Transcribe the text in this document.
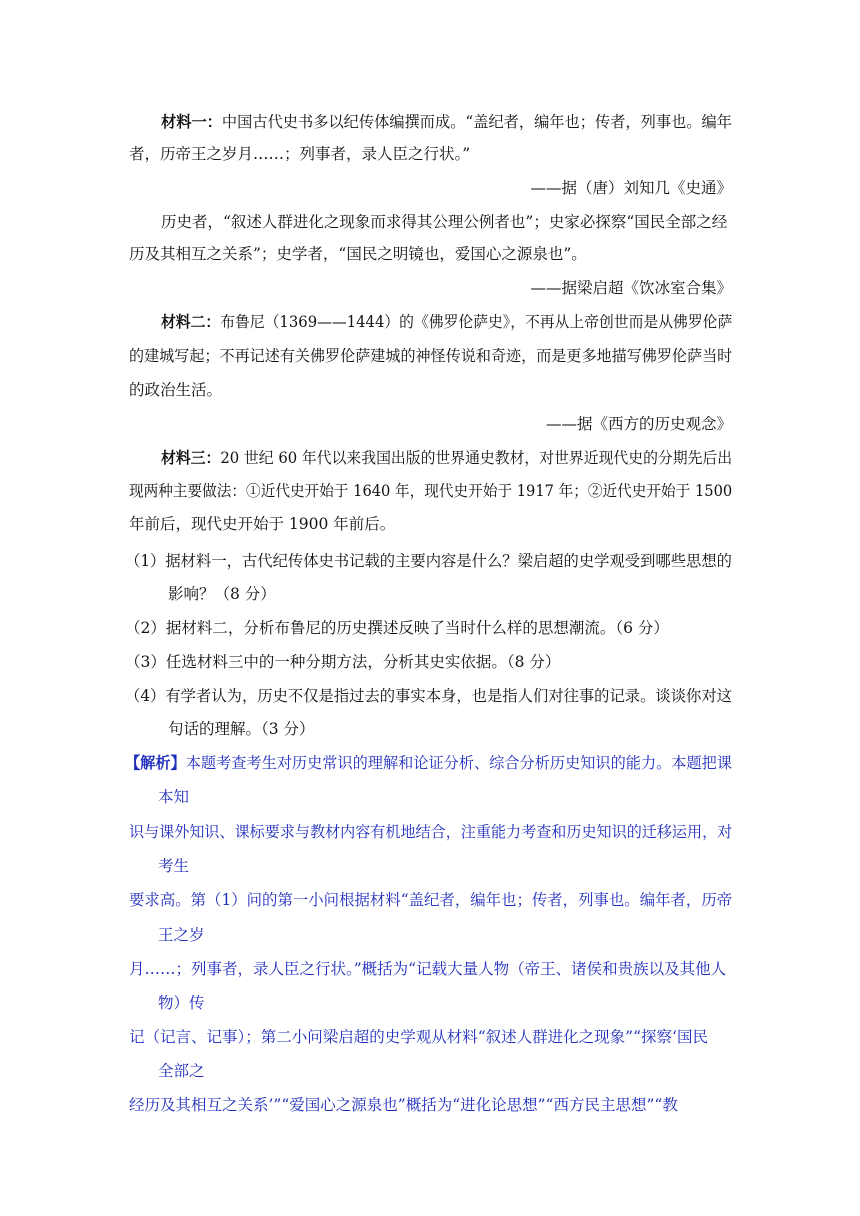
材料一：中国古代史书多以纪传体编撰而成。“盖纪者，编年也；传者，列事也。编年
者，历帝王之岁月……；列事者，录人臣之行状。”
——据（唐）刘知几《史通》
历史者，“叙述人群进化之现象而求得其公理公例者也”；史家必探察“国民全部之经
历及其相互之关系”；史学者，“国民之明镜也，爱国心之源泉也”。
——据梁启超《饮冰室合集》
材料二：布鲁尼（1369——1444）的《佛罗伦萨史》，不再从上帝创世而是从佛罗伦萨
的建城写起；不再记述有关佛罗伦萨建城的神怪传说和奇迹，而是更多地描写佛罗伦萨当时
的政治生活。
——据《西方的历史观念》
材料三：20 世纪 60 年代以来我国出版的世界通史教材，对世界近现代史的分期先后出
现两种主要做法：①近代史开始于 1640 年，现代史开始于 1917 年；②近代史开始于 1500
年前后，现代史开始于 1900 年前后。
（1）据材料一，古代纪传体史书记载的主要内容是什么？梁启超的史学观受到哪些思想的
影响？（8 分）
（2）据材料二，分析布鲁尼的历史撰述反映了当时什么样的思想潮流。（6 分）
（3）任选材料三中的一种分期方法，分析其史实依据。（8 分）
（4）有学者认为，历史不仅是指过去的事实本身，也是指人们对往事的记录。谈谈你对这
句话的理解。（3 分）
【解析】本题考查考生对历史常识的理解和论证分析、综合分析历史知识的能力。本题把课
本知
识与课外知识、课标要求与教材内容有机地结合，注重能力考查和历史知识的迁移运用，对
考生
要求高。第（1）问的第一小问根据材料“盖纪者，编年也；传者，列事也。编年者，历帝
王之岁
月……；列事者，录人臣之行状。”概括为“记载大量人物（帝王、诸侯和贵族以及其他人
物）传
记（记言、记事）；第二小问梁启超的史学观从材料“叙述人群进化之现象”“探察‘国民
全部之
经历及其相互之关系’”“爱国心之源泉也”概括为“进化论思想”“西方民主思想”“教
